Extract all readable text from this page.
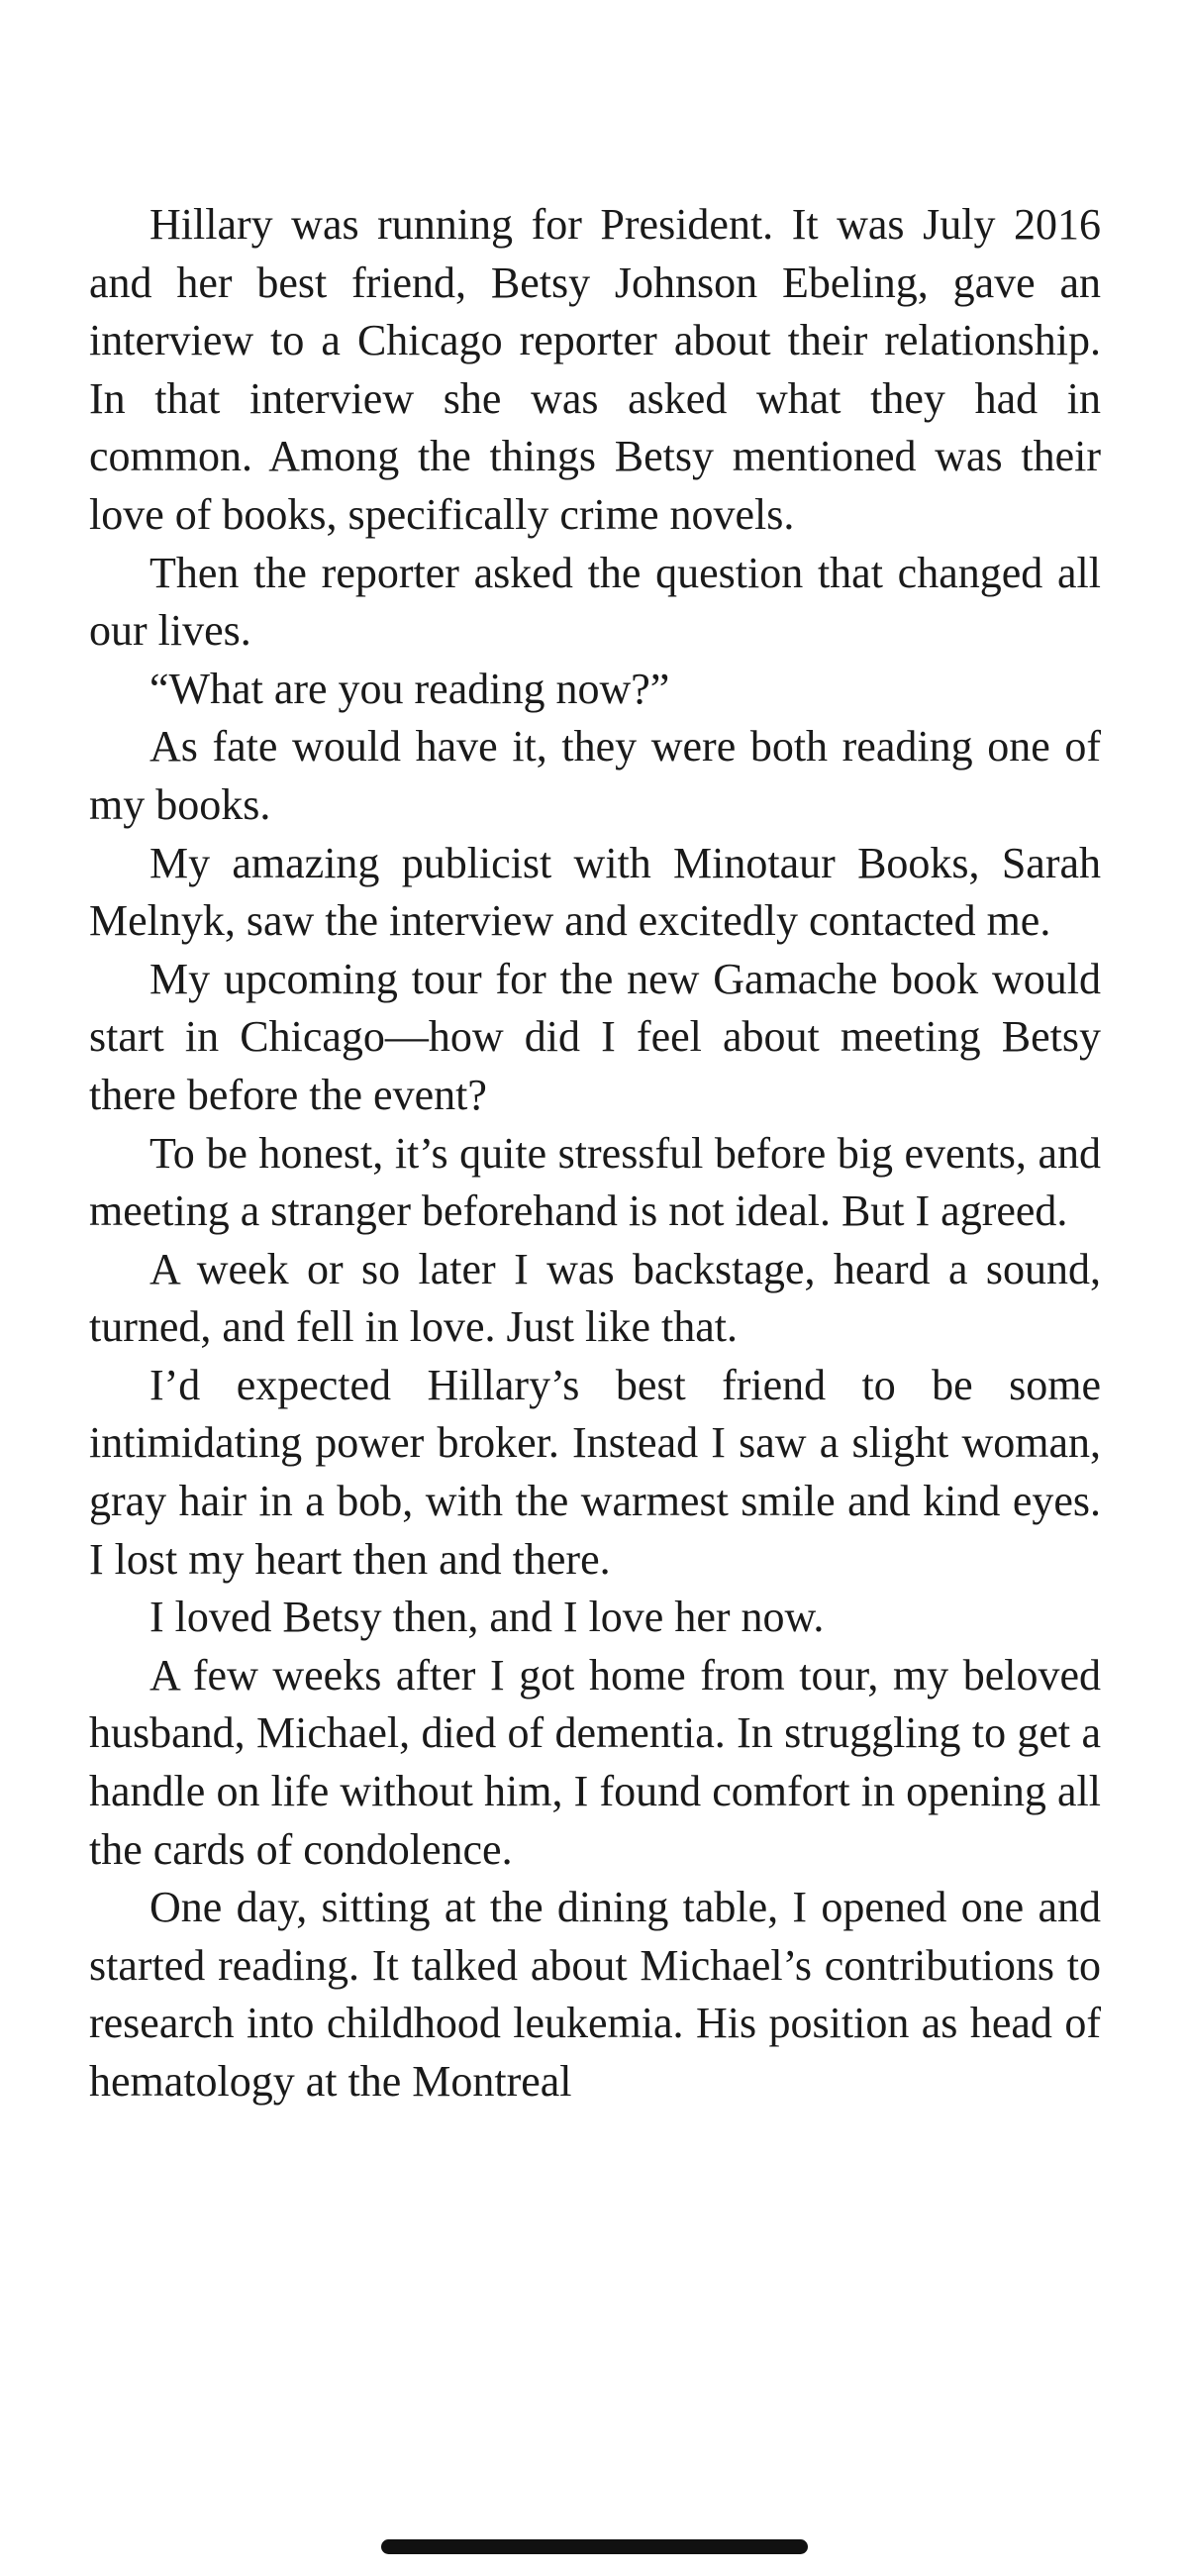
Hillary was running for President. It was July 2016 and her best friend, Betsy Johnson Ebeling, gave an interview to a Chicago reporter about their relationship. In that interview she was asked what they had in common. Among the things Betsy mentioned was their love of books, specifically crime novels.

Then the reporter asked the question that changed all our lives.

“What are you reading now?”

As fate would have it, they were both reading one of my books.

My amazing publicist with Minotaur Books, Sarah Melnyk, saw the interview and excitedly contacted me.

My upcoming tour for the new Gamache book would start in Chicago—how did I feel about meeting Betsy there before the event?

To be honest, it’s quite stressful before big events, and meeting a stranger beforehand is not ideal. But I agreed.

A week or so later I was backstage, heard a sound, turned, and fell in love. Just like that.

I’d expected Hillary’s best friend to be some intimidating power broker. Instead I saw a slight woman, gray hair in a bob, with the warmest smile and kind eyes. I lost my heart then and there.

I loved Betsy then, and I love her now.

A few weeks after I got home from tour, my beloved husband, Michael, died of dementia. In struggling to get a handle on life without him, I found comfort in opening all the cards of condolence.

One day, sitting at the dining table, I opened one and started reading. It talked about Michael’s contributions to research into childhood leukemia. His position as head of hematology at the Montreal
